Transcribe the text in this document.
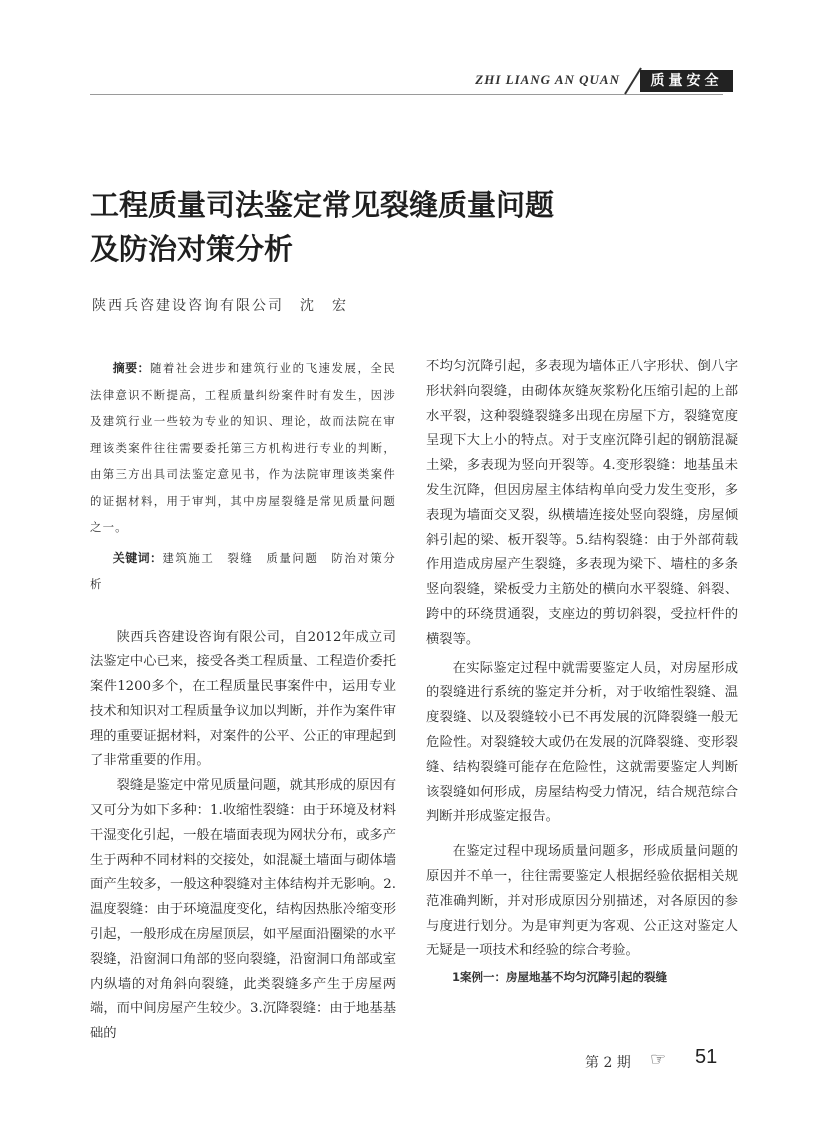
ZHI LIANG AN QUAN	质量安全
工程质量司法鉴定常见裂缝质量问题
及防治对策分析
陕西兵咨建设咨询有限公司　沈　宏

摘要：随着社会进步和建筑行业的飞速发展，全民法律意识不断提高，工程质量纠纷案件时有发生，因涉及建筑行业一些较为专业的知识、理论，故而法院在审理该类案件往往需要委托第三方机构进行专业的判断，由第三方出具司法鉴定意见书，作为法院审理该类案件的证据材料，用于审判，其中房屋裂缝是常见质量问题之一。

关键词：建筑施工　裂缝　质量问题　防治对策分析

陕西兵咨建设咨询有限公司，自2012年成立司法鉴定中心已来，接受各类工程质量、工程造价委托案件1200多个，在工程质量民事案件中，运用专业技术和知识对工程质量争议加以判断，并作为案件审理的重要证据材料，对案件的公平、公正的审理起到了非常重要的作用。

裂缝是鉴定中常见质量问题，就其形成的原因有又可分为如下多种：1.收缩性裂缝：由于环境及材料干湿变化引起，一般在墙面表现为网状分布，或多产生于两种不同材料的交接处，如混凝土墙面与砌体墙面产生较多，一般这种裂缝对主体结构并无影响。2.温度裂缝：由于环境温度变化，结构因热胀冷缩变形引起，一般形成在房屋顶层，如平屋面沿圈梁的水平裂缝，沿窗洞口角部的竖向裂缝，沿窗洞口角部或室内纵墙的对角斜向裂缝，此类裂缝多产生于房屋两端，而中间房屋产生较少。3.沉降裂缝：由于地基基础的

不均匀沉降引起，多表现为墙体正八字形状、倒八字形状斜向裂缝，由砌体灰缝灰浆粉化压缩引起的上部水平裂，这种裂缝裂缝多出现在房屋下方，裂缝宽度呈现下大上小的特点。对于支座沉降引起的钢筋混凝土梁，多表现为竖向开裂等。4.变形裂缝：地基虽未发生沉降，但因房屋主体结构单向受力发生变形，多表现为墙面交叉裂，纵横墙连接处竖向裂缝，房屋倾斜引起的梁、板开裂等。5.结构裂缝：由于外部荷载作用造成房屋产生裂缝，多表现为梁下、墙柱的多条竖向裂缝，梁板受力主筋处的横向水平裂缝、斜裂、跨中的环绕贯通裂，支座边的剪切斜裂，受拉杆件的横裂等。

在实际鉴定过程中就需要鉴定人员，对房屋形成的裂缝进行系统的鉴定并分析，对于收缩性裂缝、温度裂缝、以及裂缝较小已不再发展的沉降裂缝一般无危险性。对裂缝较大或仍在发展的沉降裂缝、变形裂缝、结构裂缝可能存在危险性，这就需要鉴定人判断该裂缝如何形成，房屋结构受力情况，结合规范综合判断并形成鉴定报告。

在鉴定过程中现场质量问题多，形成质量问题的原因并不单一，往往需要鉴定人根据经验依据相关规范准确判断，并对形成原因分别描述，对各原因的参与度进行划分。为是审判更为客观、公正这对鉴定人无疑是一项技术和经验的综合考验。

1案例一：房屋地基不均匀沉降引起的裂缝
第 2 期 ☞ 51
